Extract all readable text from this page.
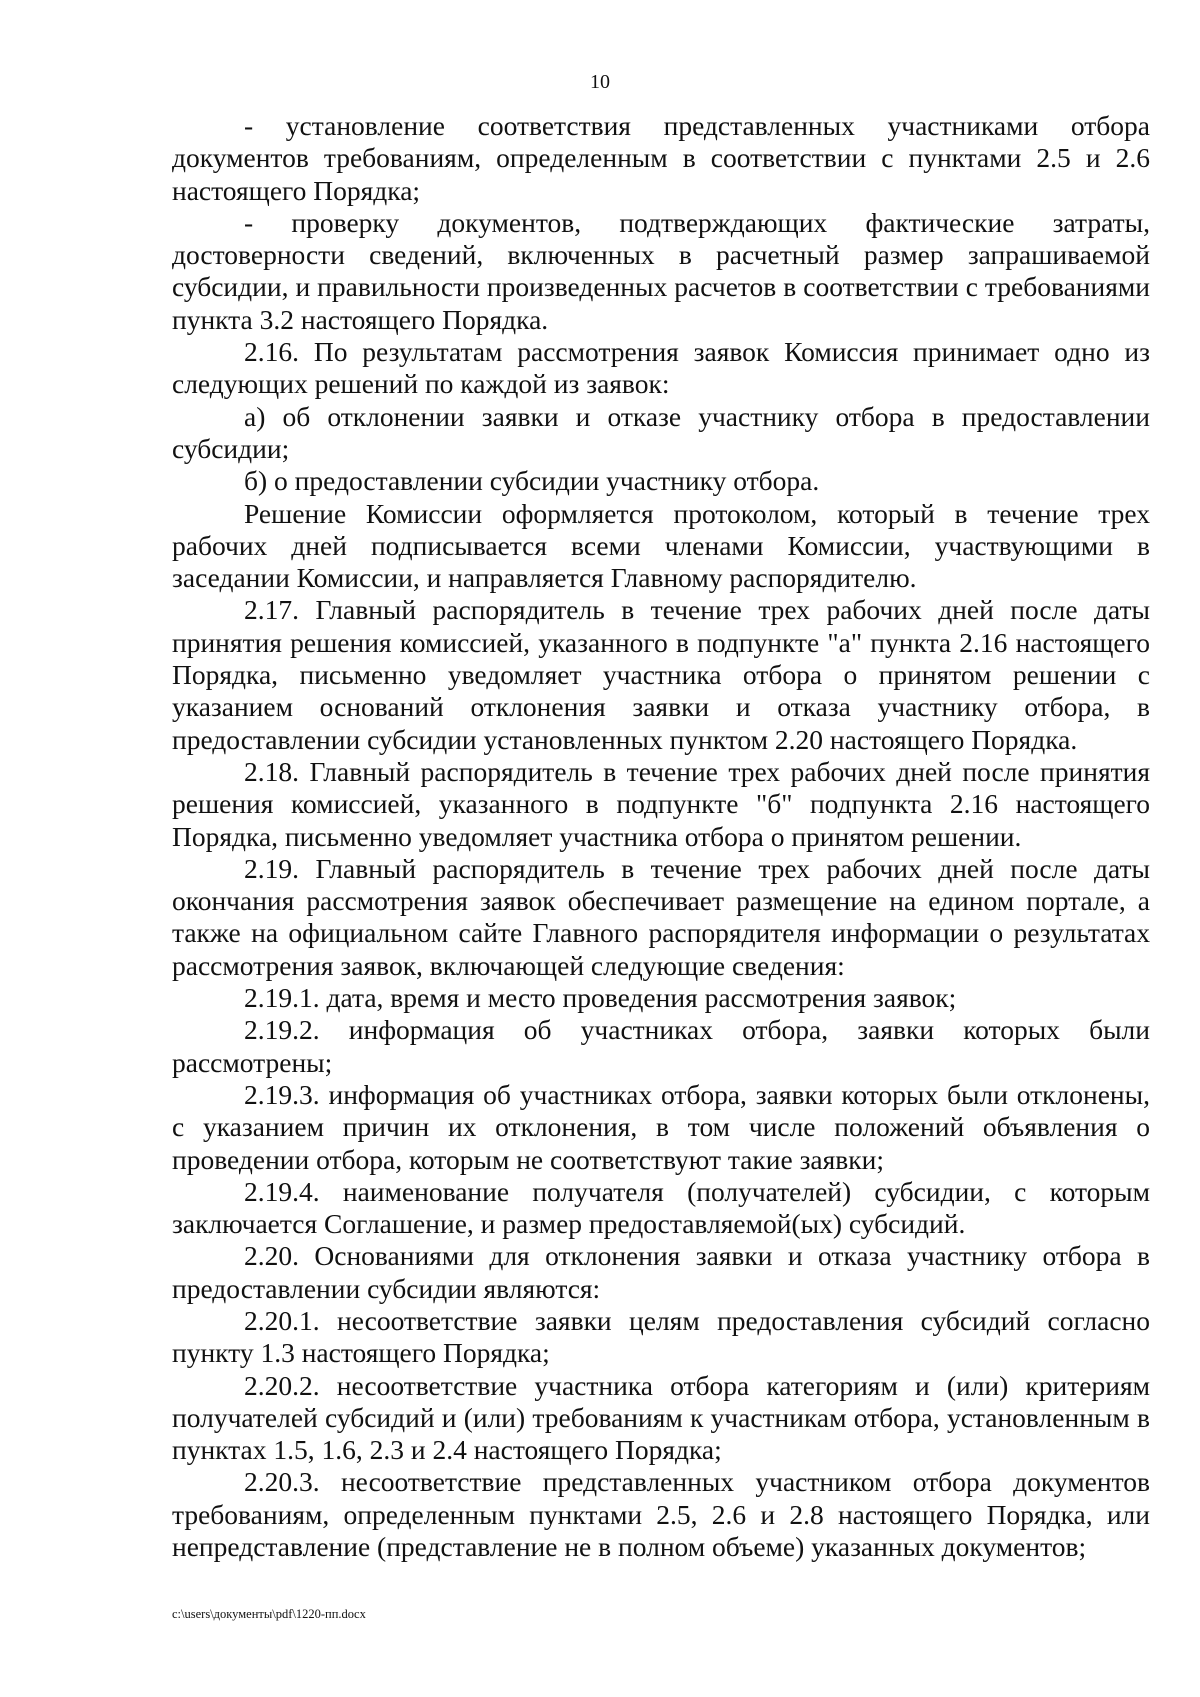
10

- установление соответствия представленных участниками отбора документов требованиям, определенным в соответствии с пунктами 2.5 и 2.6 настоящего Порядка;

- проверку документов, подтверждающих фактические затраты, достоверности сведений, включенных в расчетный размер запрашиваемой субсидии, и правильности произведенных расчетов в соответствии с требованиями пункта 3.2 настоящего Порядка.

2.16. По результатам рассмотрения заявок Комиссия принимает одно из следующих решений по каждой из заявок:

а) об отклонении заявки и отказе участнику отбора в предоставлении субсидии;

б) о предоставлении субсидии участнику отбора.

Решение Комиссии оформляется протоколом, который в течение трех рабочих дней подписывается всеми членами Комиссии, участвующими в заседании Комиссии, и направляется Главному распорядителю.

2.17. Главный распорядитель в течение трех рабочих дней после даты принятия решения комиссией, указанного в подпункте "а" пункта 2.16 настоящего Порядка, письменно уведомляет участника отбора о принятом решении с указанием оснований отклонения заявки и отказа участнику отбора, в предоставлении субсидии установленных пунктом 2.20 настоящего Порядка.

2.18. Главный распорядитель в течение трех рабочих дней после принятия решения комиссией, указанного в подпункте "б" подпункта 2.16 настоящего Порядка, письменно уведомляет участника отбора о принятом решении.

2.19. Главный распорядитель в течение трех рабочих дней после даты окончания рассмотрения заявок обеспечивает размещение на едином портале, а также на официальном сайте Главного распорядителя информации о результатах рассмотрения заявок, включающей следующие сведения:

2.19.1. дата, время и место проведения рассмотрения заявок;

2.19.2. информация об участниках отбора, заявки которых были рассмотрены;

2.19.3. информация об участниках отбора, заявки которых были отклонены, с указанием причин их отклонения, в том числе положений объявления о проведении отбора, которым не соответствуют такие заявки;

2.19.4. наименование получателя (получателей) субсидии, с которым заключается Соглашение, и размер предоставляемой(ых) субсидий.

2.20. Основаниями для отклонения заявки и отказа участнику отбора в предоставлении субсидии являются:

2.20.1. несоответствие заявки целям предоставления субсидий согласно пункту 1.3 настоящего Порядка;

2.20.2. несоответствие участника отбора категориям и (или) критериям получателей субсидий и (или) требованиям к участникам отбора, установленным в пунктах 1.5, 1.6, 2.3 и 2.4 настоящего Порядка;

2.20.3. несоответствие представленных участником отбора документов требованиям, определенным пунктами 2.5, 2.6 и 2.8 настоящего Порядка, или непредставление (представление не в полном объеме) указанных документов;

c:\users\документы\pdf\1220-пп.docx
